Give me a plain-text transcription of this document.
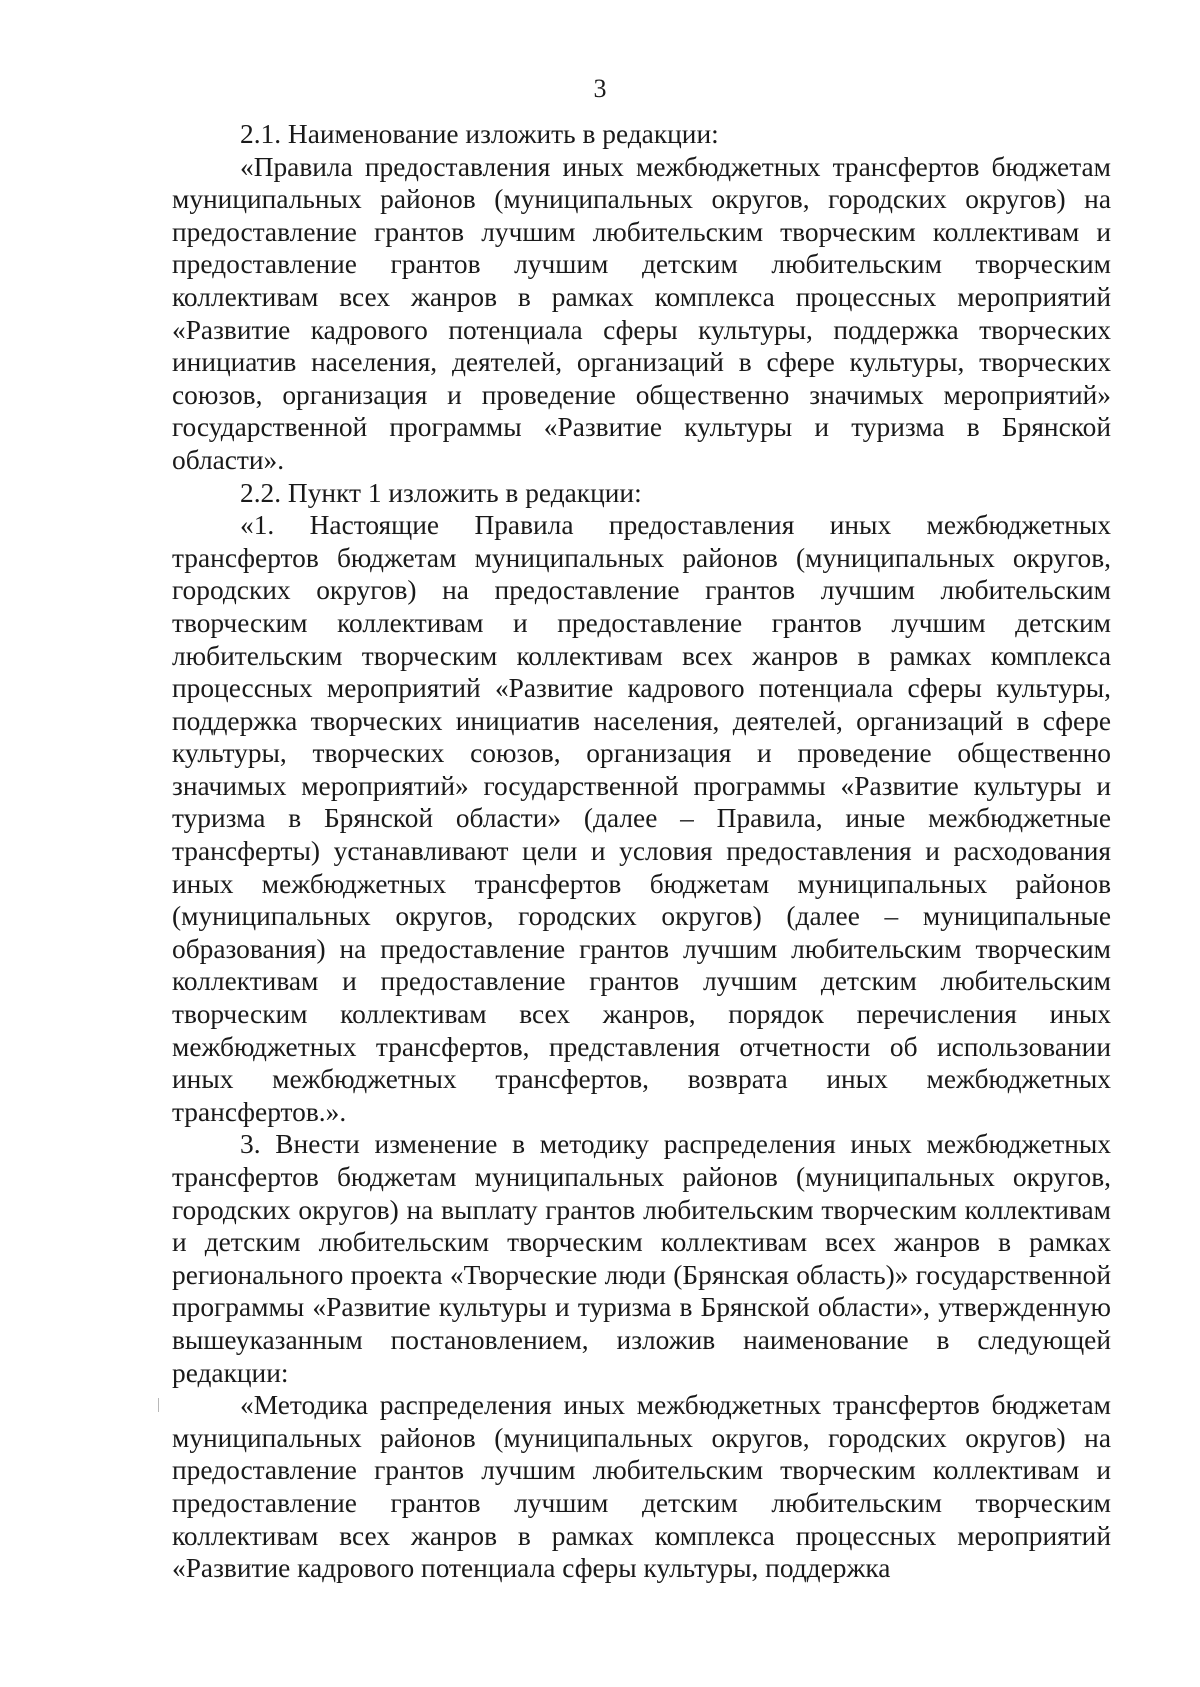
3

2.1. Наименование изложить в редакции:

«Правила предоставления иных межбюджетных трансфертов бюджетам муниципальных районов (муниципальных округов, городских округов) на предоставление грантов лучшим любительским творческим коллективам и предоставление грантов лучшим детским любительским творческим коллективам всех жанров в рамках комплекса процессных мероприятий «Развитие кадрового потенциала сферы культуры, поддержка творческих инициатив населения, деятелей, организаций в сфере культуры, творческих союзов, организация и проведение общественно значимых мероприятий» государственной программы «Развитие культуры и туризма в Брянской области».

2.2. Пункт 1 изложить в редакции:

«1. Настоящие Правила предоставления иных межбюджетных трансфертов бюджетам муниципальных районов (муниципальных округов, городских округов) на предоставление грантов лучшим любительским творческим коллективам и предоставление грантов лучшим детским любительским творческим коллективам всех жанров в рамках комплекса процессных мероприятий «Развитие кадрового потенциала сферы культуры, поддержка творческих инициатив населения, деятелей, организаций в сфере культуры, творческих союзов, организация и проведение общественно значимых мероприятий» государственной программы «Развитие культуры и туризма в Брянской области» (далее – Правила, иные межбюджетные трансферты) устанавливают цели и условия предоставления и расходования иных межбюджетных трансфертов бюджетам муниципальных районов (муниципальных округов, городских округов) (далее – муниципальные образования) на предоставление грантов лучшим любительским творческим коллективам и предоставление грантов лучшим детским любительским творческим коллективам всех жанров, порядок перечисления иных межбюджетных трансфертов, представления отчетности об использовании иных межбюджетных трансфертов, возврата иных межбюджетных трансфертов.».

3. Внести изменение в методику распределения иных межбюджетных трансфертов бюджетам муниципальных районов (муниципальных округов, городских округов) на выплату грантов любительским творческим коллективам и детским любительским творческим коллективам всех жанров в рамках регионального проекта «Творческие люди (Брянская область)» государственной программы «Развитие культуры и туризма в Брянской области», утвержденную вышеуказанным постановлением, изложив наименование в следующей редакции:

«Методика распределения иных межбюджетных трансфертов бюджетам муниципальных районов (муниципальных округов, городских округов) на предоставление грантов лучшим любительским творческим коллективам и предоставление грантов лучшим детским любительским творческим коллективам всех жанров в рамках комплекса процессных мероприятий «Развитие кадрового потенциала сферы культуры, поддержка
